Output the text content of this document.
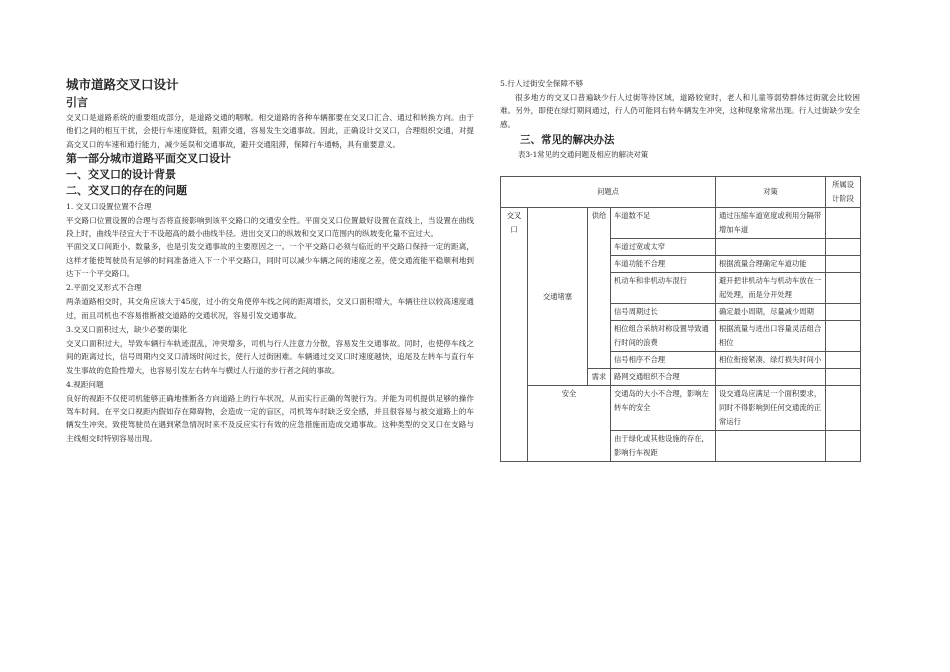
城市道路交叉口设计
引言

交叉口是道路系统的重要组成部分，是道路交通的咽喉。相交道路的各种车辆都要在交叉口汇合、通过和转换方向。由于他们之间的相互干扰，会使行车速度降低，阻滞交通，容易发生交通事故。因此，正确设计交叉口，合理组织交通，对提高交叉口的车速和通行能力，减少延误和交通事故，避开交通阻滞，保障行车通畅，具有重要意义。

第一部分城市道路平面交叉口设计
一、交叉口的设计背景
二、交叉口的存在的问题
1. 交叉口设置位置不合理

平交路口位置设置的合理与否将直接影响到该平交路口的交通安全性。平面交叉口位置最好设置在直线上，当设置在曲线段上时，曲线半径宜大于不设超高的最小曲线半径。进出交叉口的纵坡和交叉口范围内的纵坡变化量不宜过大。

平面交叉口间距小、数量多，也是引发交通事故的主要原因之一。一个平交路口必须与临近的平交路口保持一定的距离，这样才能使驾驶员有足够的时间准备进入下一个平交路口，同时可以减少车辆之间的速度之差，使交通流能平稳顺利地到达下一个平交路口。

2.平面交叉形式不合理

两条道路相交时，其交角应该大于45度，过小的交角使停车线之间的距离增长，交叉口面积增大，车辆往往以较高速度通过，而且司机也不容易推断被交道路的交通状况，容易引发交通事故。

3.交叉口面积过大，缺少必要的渠化

交叉口面积过大，导致车辆行车轨迹混乱，冲突增多，司机与行人注意力分散，容易发生交通事故。同时，也使停车线之间的距离过长，信号周期内交叉口清场时间过长，使行人过街困难。车辆通过交叉口时速度越快，追尾及左转车与直行车发生事故的危险性增大，也容易引发左右转车与横过人行道的步行者之间的事故。

4.视距问题

良好的视距不仅使司机能够正确地推断各方向道路上的行车状况，从而实行正确的驾驶行为。并能为司机提供足够的操作驾车时间。在平交口视距内假如存在障碍物，会造成一定的盲区，司机驾车时缺乏安全感，并且很容易与被交道路上的车辆发生冲突。致使驾驶员在遇到紧急情况时来不及反应实行有效的应急措施而造成交通事故。这种类型的交叉口在支路与主线相交时特别容易出现。

5.行人过街安全保障不够

很多地方的交叉口普遍缺少行人过街等待区域，道路较宽时，老人和儿童等弱势群体过街就会比较困难。另外，即使在绿灯期间通过，行人仍可能同右转车辆发生冲突，这种现象常常出现。行人过街缺少安全感。

三、常见的解决办法
表3-1常见的交通问题及相应的解决对策
问题点				对策	所属设计阶段
交叉口	交通堵塞	供给	车道数不足	通过压缩车道宽度或利用分隔带增加车道	
			车道过宽或太窄		
			车道功能不合理	根据流量合理确定车道功能	
			机动车和非机动车混行	避开把非机动车与机动车放在一起处理，而是分开处理	
			信号周期过长	确定最小周期，尽量减少周期	
			相位组合采纳对称设置导致通行时间的浪费	根据流量与进出口容量灵活组合相位	
			信号相序不合理	相位衔接紧凑，绿灯损失时间小	
		需求	路网交通组织不合理		
	安全		交通岛的大小不合理，影响左转车的安全	设交通岛应满足一个面积要求，同时不得影响到任何交通流的正常运行	
			由于绿化或其他设施的存在，影响行车视距		
